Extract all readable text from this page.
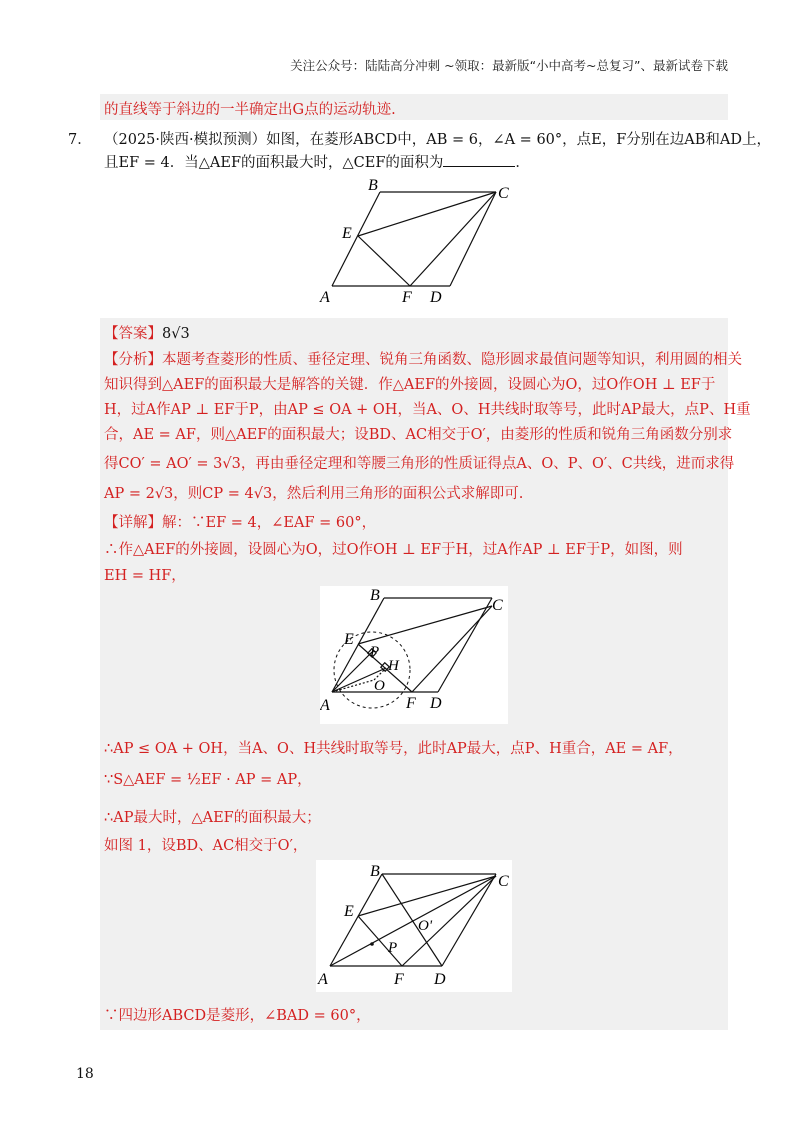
关注公众号：陆陆高分冲刺 ~领取：最新版“小中高考~总复习”、最新试卷下载
的直线等于斜边的一半确定出G点的运动轨迹.
7． （2025·陕西·模拟预测）如图，在菱形ABCD中，AB = 6，∠A = 60°，点E，F分别在边AB和AD上，
且EF = 4．当△AEF的面积最大时，△CEF的面积为	．
A
B	C
D
E
F
【答案】8√3
【分析】本题考查菱形的性质、垂径定理、锐角三角函数、隐形圆求最值问题等知识，利用圆的相关
知识得到△AEF的面积最大是解答的关键．作△AEF的外接圆，设圆心为O，过O作OH ⊥ EF于
H，过A作AP ⊥ EF于P，由AP ≤ OA + OH，当A、O、H共线时取等号，此时AP最大，点P、H重
合，AE = AF，则△AEF的面积最大；设BD、AC相交于O′，由菱形的性质和锐角三角函数分别求
得CO′ = AO′ = 3√3，再由垂径定理和等腰三角形的性质证得点A、O、P、O′、C共线，进而求得
AP = 2√3，则CP = 4√3，然后利用三角形的面积公式求解即可.
【详解】解：∵EF = 4，∠EAF = 60°，
∴作△AEF的外接圆，设圆心为O，过O作OH ⊥ EF于H，过A作AP ⊥ EF于P，如图，则
EH = HF，
A
B
C
D
E
F
P
H
O
∴AP ≤ OA + OH，当A、O、H共线时取等号，此时AP最大，点P、H重合，AE = AF，
∵S△AEF = ½EF · AP = AP，
∴AP最大时，△AEF的面积最大；
如图 1，设BD、AC相交于O′，
A
B
C
D
E
F
P
O'
∵四边形ABCD是菱形，∠BAD = 60°，
18
